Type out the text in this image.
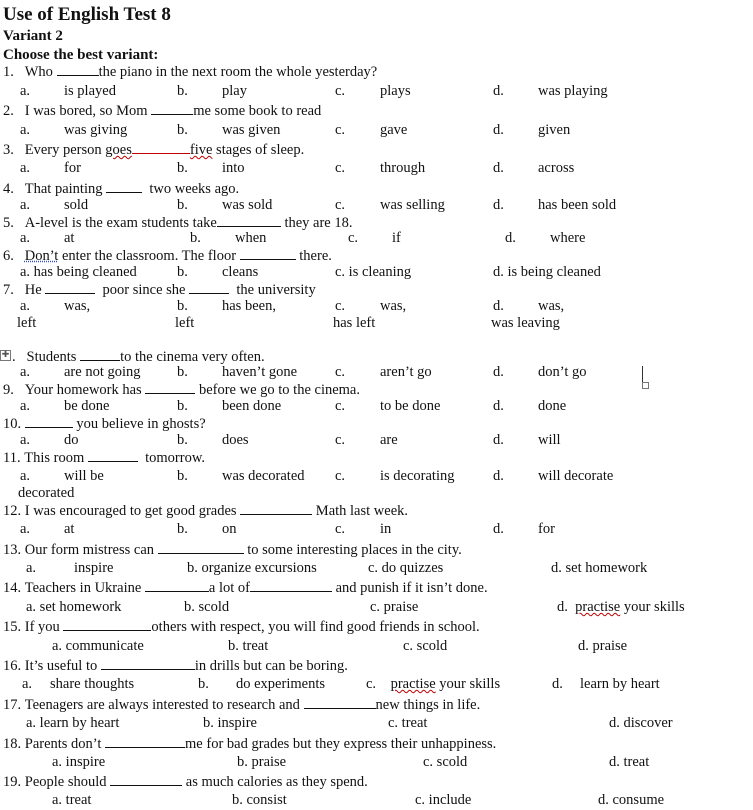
Use of English Test 8
Variant 2
Choose the best variant:
1. Who	the piano in the next room the whole yesterday?
a. is played	b. play	c. plays	d. was playing
2. I was bored, so Mom	me some book to read
a. was giving	b. was given	c. gave	d. given
3. Every person goes	five stages of sleep.
a. for	b. into	c. through	d. across
4. That painting	two weeks ago.
a. sold	b. was sold	c. was selling	d. has been sold
5. A-level is the exam students take	they are 18.
a. at	b. when	c. if	d. where
6. Don’t enter the classroom. The floor	there.
a. has being cleaned	b. cleans	c. is cleaning	d. is being cleaned
7. He	poor since she	the university
a. was,	b. has been,	c. was,	d. was,
left	left	has left	was leaving
✚ . Students	to the cinema very often.
a. are not going	b. haven’t gone	c. aren’t go	d. don’t go
9. Your homework has	before we go to the cinema.
a. be done	b. been done	c. to be done	d. done
10.	you believe in ghosts?
a. do	b. does	c. are	d. will
11. This room	tomorrow.
a. will be	b. was decorated c. is decorating	d. will decorate
decorated
12. I was encouraged to get good grades	Math last week.
a. at	b. on	c. in	d. for
13. Our form mistress can	to some interesting places in the city.
a.	inspire	b. organize excursions	c. do quizzes	d. set homework
14. Teachers in Ukraine	a lot of	and punish if it isn’t done.
a. set homework	b. scold	c. praise	d. practise your skills
15. If you	others with respect, you will find good friends in school.
a. communicate	b. treat	c. scold	d. praise
16. It’s useful to	in drills but can be boring.
a. share thoughts	b. do experiments	c. practise your skills	d. learn by heart
17. Teenagers are always interested to research and	new things in life.
a. learn by heart	b. inspire	c. treat	d. discover
18. Parents don’t	me for bad grades but they express their unhappiness.
a. inspire	b. praise	c. scold	d. treat
19. People should	as much calories as they spend.
a. treat	b. consist	c. include	d. consume
